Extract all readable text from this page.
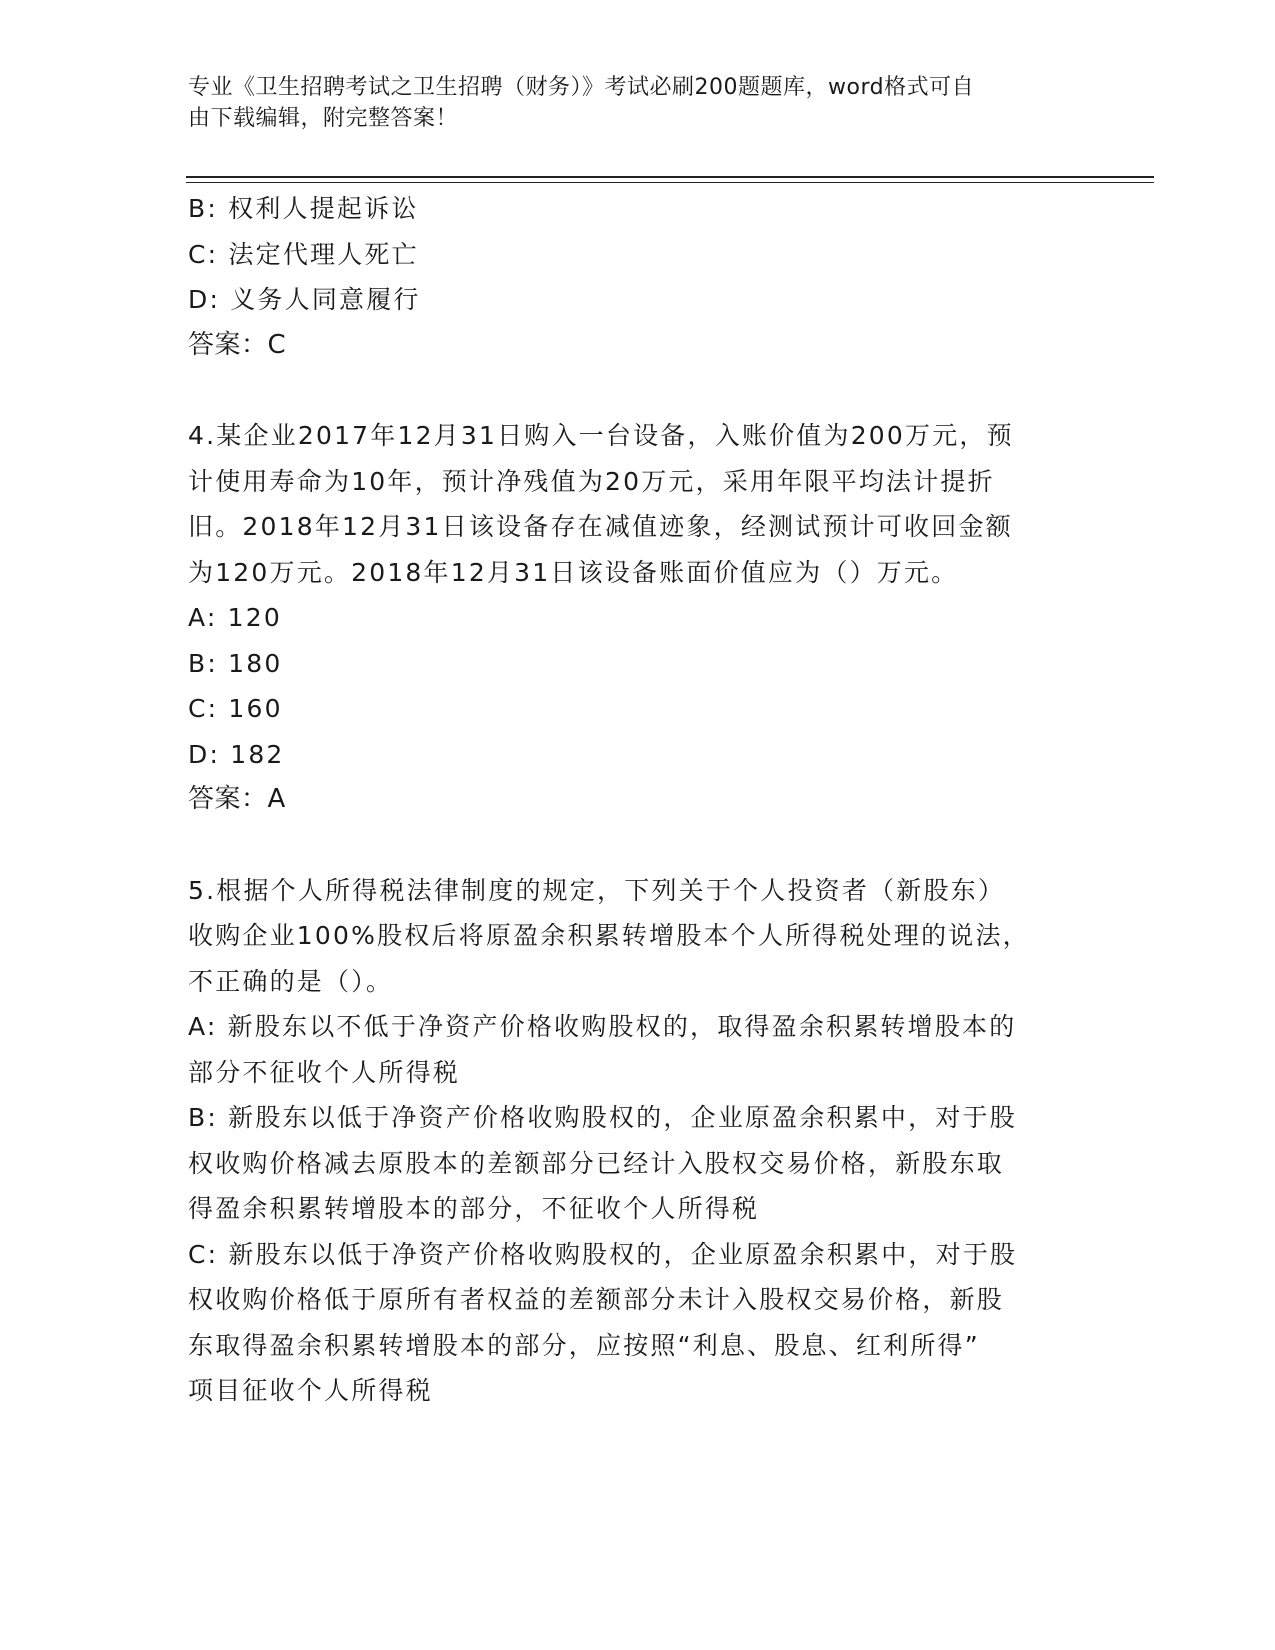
专业《卫生招聘考试之卫生招聘（财务）》考试必刷200题题库，word格式可自
由下载编辑，附完整答案！
B: 权利人提起诉讼
C: 法定代理人死亡
D: 义务人同意履行
答案：C
4.某企业2017年12月31日购入一台设备，入账价值为200万元，预
计使用寿命为10年，预计净残值为20万元，采用年限平均法计提折
旧。2018年12月31日该设备存在减值迹象，经测试预计可收回金额
为120万元。2018年12月31日该设备账面价值应为（）万元。
A: 120
B: 180
C: 160
D: 182
答案：A
5.根据个人所得税法律制度的规定，下列关于个人投资者（新股东）
收购企业100%股权后将原盈余积累转增股本个人所得税处理的说法，
不正确的是（）。
A: 新股东以不低于净资产价格收购股权的，取得盈余积累转增股本的
部分不征收个人所得税
B: 新股东以低于净资产价格收购股权的，企业原盈余积累中，对于股
权收购价格减去原股本的差额部分已经计入股权交易价格，新股东取
得盈余积累转增股本的部分，不征收个人所得税
C: 新股东以低于净资产价格收购股权的，企业原盈余积累中，对于股
权收购价格低于原所有者权益的差额部分未计入股权交易价格，新股
东取得盈余积累转增股本的部分，应按照“利息、股息、红利所得”
项目征收个人所得税
